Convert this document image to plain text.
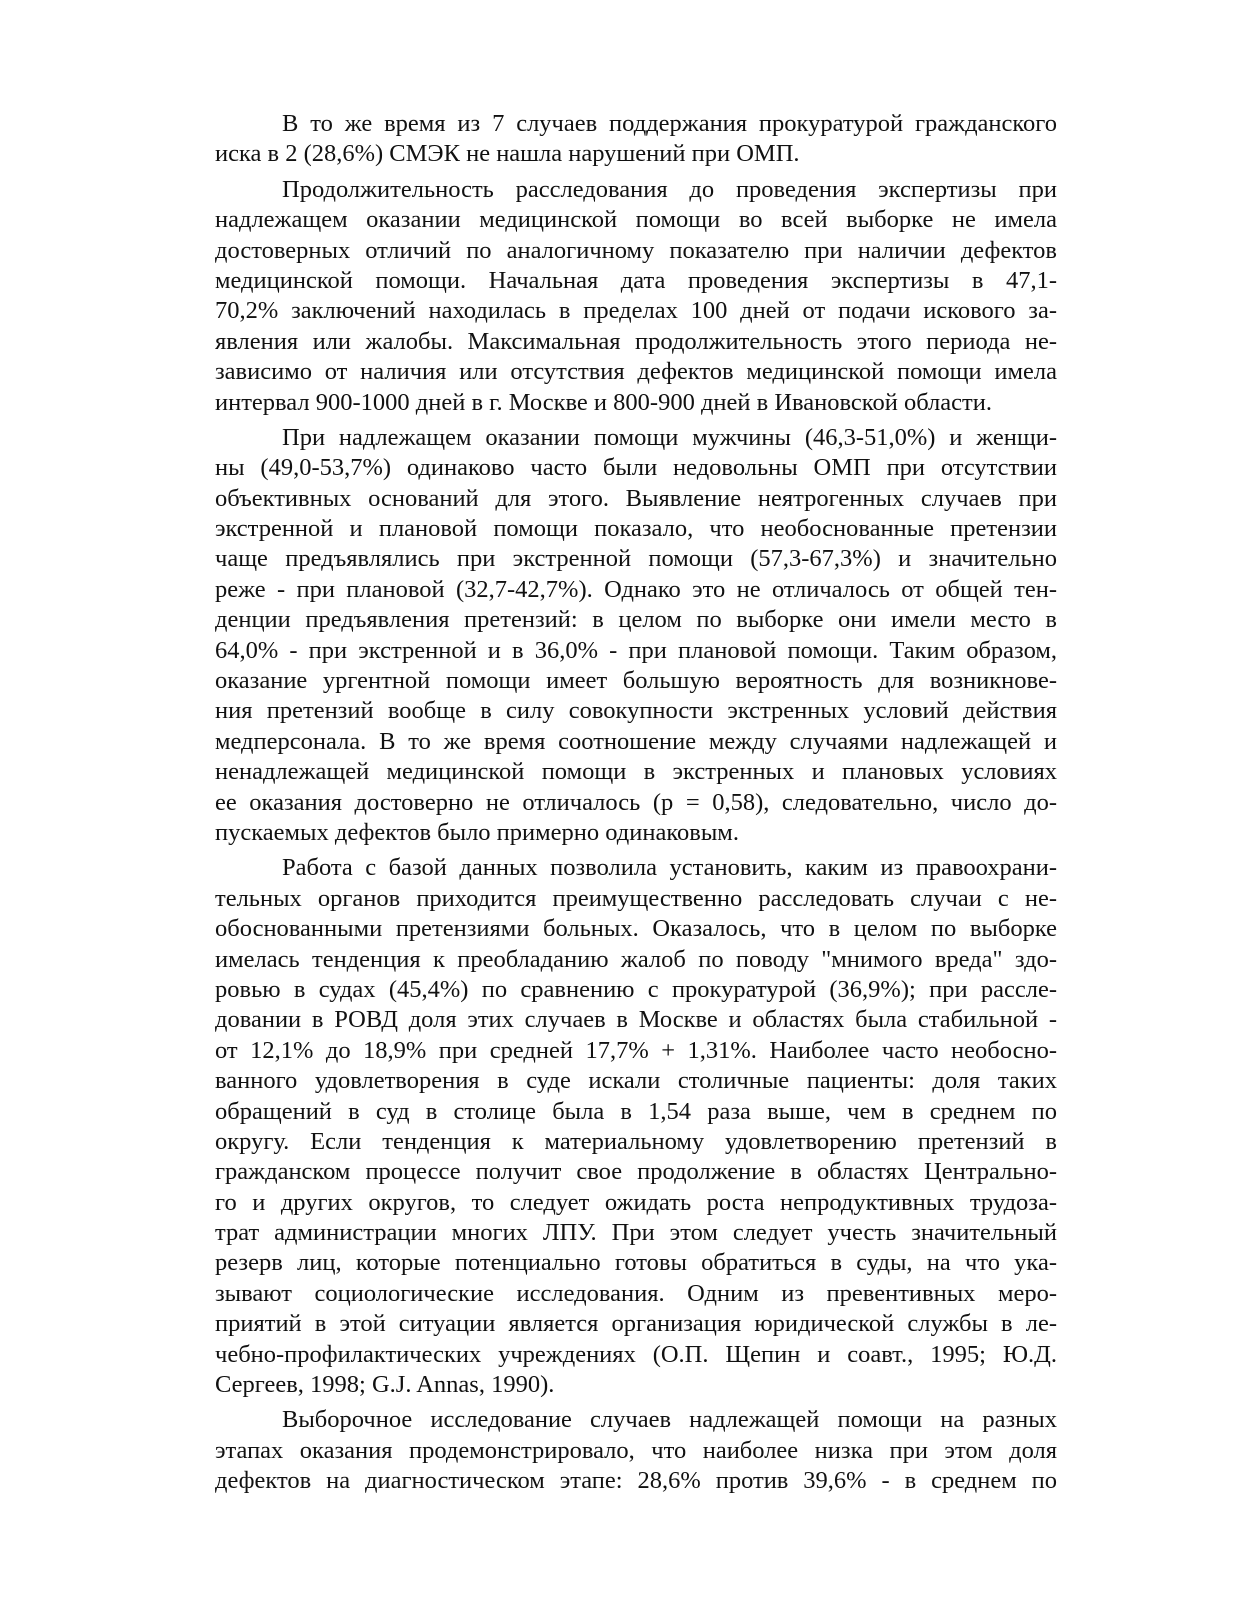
В то же время из 7 случаев поддержания прокуратурой гражданского
иска в 2 (28,6%) СМЭК не нашла нарушений при ОМП.
Продолжительность расследования до проведения экспертизы при
надлежащем оказании медицинской помощи во всей выборке не имела
достоверных отличий по аналогичному показателю при наличии дефектов
медицинской помощи. Начальная дата проведения экспертизы в 47,1-
70,2% заключений находилась в пределах 100 дней от подачи искового за-
явления или жалобы. Максимальная продолжительность этого периода не-
зависимо от наличия или отсутствия дефектов медицинской помощи имела
интервал 900-1000 дней в г. Москве и 800-900 дней в Ивановской области.
При надлежащем оказании помощи мужчины (46,3-51,0%) и женщи-
ны (49,0-53,7%) одинаково часто были недовольны ОМП при отсутствии
объективных оснований для этого. Выявление неятрогенных случаев при
экстренной и плановой помощи показало, что необоснованные претензии
чаще предъявлялись при экстренной помощи (57,3-67,3%) и значительно
реже - при плановой (32,7-42,7%). Однако это не отличалось от общей тен-
денции предъявления претензий: в целом по выборке они имели место в
64,0% - при экстренной и в 36,0% - при плановой помощи. Таким образом,
оказание ургентной помощи имеет большую вероятность для возникнове-
ния претензий вообще в силу совокупности экстренных условий действия
медперсонала. В то же время соотношение между случаями надлежащей и
ненадлежащей медицинской помощи в экстренных и плановых условиях
ее оказания достоверно не отличалось (p = 0,58), следовательно, число до-
пускаемых дефектов было примерно одинаковым.
Работа с базой данных позволила установить, каким из правоохрани-
тельных органов приходится преимущественно расследовать случаи с не-
обоснованными претензиями больных. Оказалось, что в целом по выборке
имелась тенденция к преобладанию жалоб по поводу "мнимого вреда" здо-
ровью в судах (45,4%) по сравнению с прокуратурой (36,9%); при рассле-
довании в РОВД доля этих случаев в Москве и областях была стабильной -
от 12,1% до 18,9% при средней 17,7% + 1,31%. Наиболее часто необосно-
ванного удовлетворения в суде искали столичные пациенты: доля таких
обращений в суд в столице была в 1,54 раза выше, чем в среднем по
округу. Если тенденция к материальному удовлетворению претензий в
гражданском процессе получит свое продолжение в областях Центрально-
го и других округов, то следует ожидать роста непродуктивных трудоза-
трат администрации многих ЛПУ. При этом следует учесть значительный
резерв лиц, которые потенциально готовы обратиться в суды, на что ука-
зывают социологические исследования. Одним из превентивных меро-
приятий в этой ситуации является организация юридической службы в ле-
чебно-профилактических учреждениях (О.П. Щепин и соавт., 1995; Ю.Д.
Сергеев, 1998; G.J. Annas, 1990).
Выборочное исследование случаев надлежащей помощи на разных
этапах оказания продемонстрировало, что наиболее низка при этом доля
дефектов на диагностическом этапе: 28,6% против 39,6% - в среднем по
